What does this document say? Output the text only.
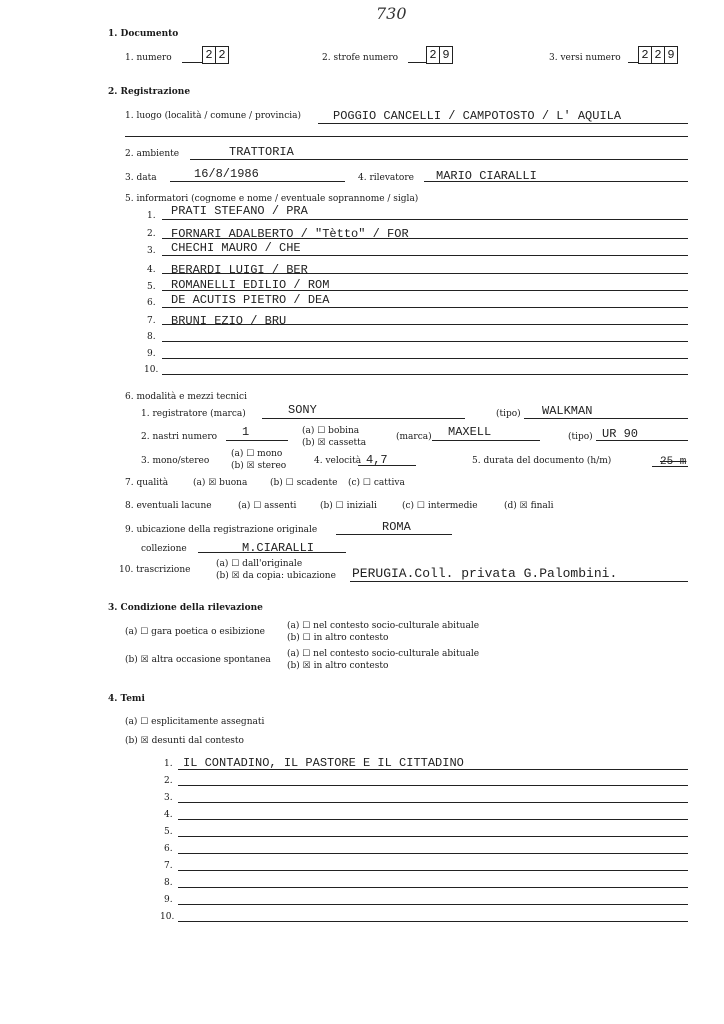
730
1. Documento
1. numero	2 2	2. strofe numero	2 9	3. versi numero 2 2 9
2. Registrazione
1. luogo (località / comune / provincia)	POGGIO CANCELLI / CAMPOTOSTO / L' AQUILA
2. ambiente	TRATTORIA
3. data	16/8/1986	4. rilevatore MARIO CIARALLI
5. informatori (cognome e nome / eventuale soprannome / sigla)
1. PRATI STEFANO / PRA
2. FORNARI ADALBERTO / "Tètto" / FOR
3. CHECHI MAURO / CHE
4. BERARDI LUIGI / BER
5. ROMANELLI EDILIO / ROM
6. DE ACUTIS PIETRO / DEA
7. BRUNI EZIO / BRU
8.
9.
10.
6. modalità e mezzi tecnici
1. registratore (marca)	SONY	(tipo) WALKMAN
2. nastri numero 1	(a) ☐ bobina
(b) ☒ cassetta
(marca) MAXELL	(tipo) UR 90
3. mono/stereo
(a) ☐ mono
(b) ☒ stereo	4. velocità 4,7	5. durata del documento (h/m)	25 m
7. qualità	(a) ☒ buona	(b) ☐ scadente (c) ☐ cattiva
8. eventuali lacune	(a) ☐ assenti	(b) ☐ iniziali	(c) ☐ intermedie	(d) ☒ finali
9. ubicazione della registrazione originale	ROMA
collezione	M.CIARALLI
10. trascrizione
(a) ☐ dall'originale
(b) ☒ da copia: ubicazione PERUGIA.Coll. privata G.Palombini.
3. Condizione della rilevazione
(a) ☐ gara poetica o esibizione
(a) ☐ nel contesto socio-culturale abituale
(b) ☐ in altro contesto
(b) ☒ altra occasione spontanea
(a) ☐ nel contesto socio-culturale abituale
(b) ☒ in altro contesto
4. Temi
(a) ☐ esplicitamente assegnati
(b) ☒ desunti dal contesto
1. IL CONTADINO, IL PASTORE E IL CITTADINO
2.
3.
4.
5.
6.
7.
8.
9.
10.
